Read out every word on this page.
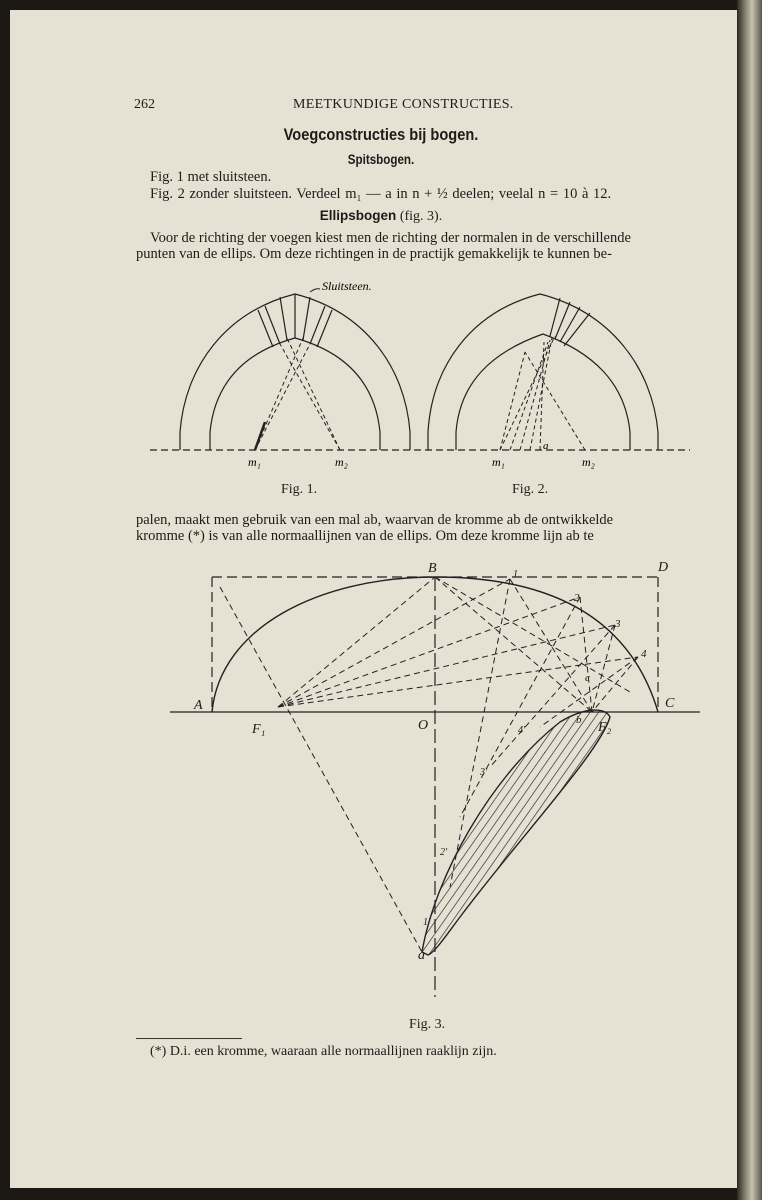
262	MEETKUNDIGE CONSTRUCTIES.
Voegconstructies bij bogen.
Spitsbogen.
Fig. 1 met sluitsteen.
Fig. 2 zonder sluitsteen. Verdeel m₁ — a in n + ½ deelen; veelal n = 10 à 12.
Ellipsbogen (fig. 3).
Voor de richting der voegen kiest men de richting der normalen in de verschillende
punten van de ellips. Om deze richtingen in de practijk gemakkelijk te kunnen be-
Sluitsteen.
m₁	m₂
a
m₁	m₂
Fig. 1.	Fig. 2.
palen, maakt men gebruik van een mal ab, waarvan de kromme ab de ontwikkelde
kromme (*) is van alle normaallijnen van de ellips. Om deze kromme lijn ab te
B	D
A	C
O
F₁	F₂
a
b
c
1
2
3
4
1'
2'
3'
4'
Fig. 3.
(*) D.i. een kromme, waaraan alle normaallijnen raaklijn zijn.
